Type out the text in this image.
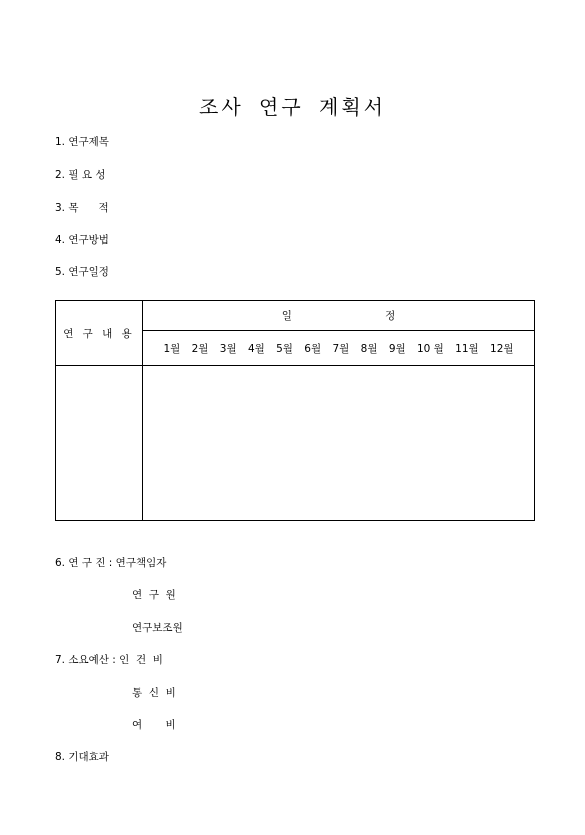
조사 연구 계획서
1. 연구제목
2. 필 요 성
3. 목      적
4. 연구방법
5. 연구일정
연 구 내 용	일 정
	1월 2월 3월 4월 5월 6월 7월 8월 9월 10 월 11월 12월

6. 연 구 진 : 연구책임자
연  구  원
연구보조원
7. 소요예산 : 인  건  비
통  신  비
여       비
8. 기대효과
